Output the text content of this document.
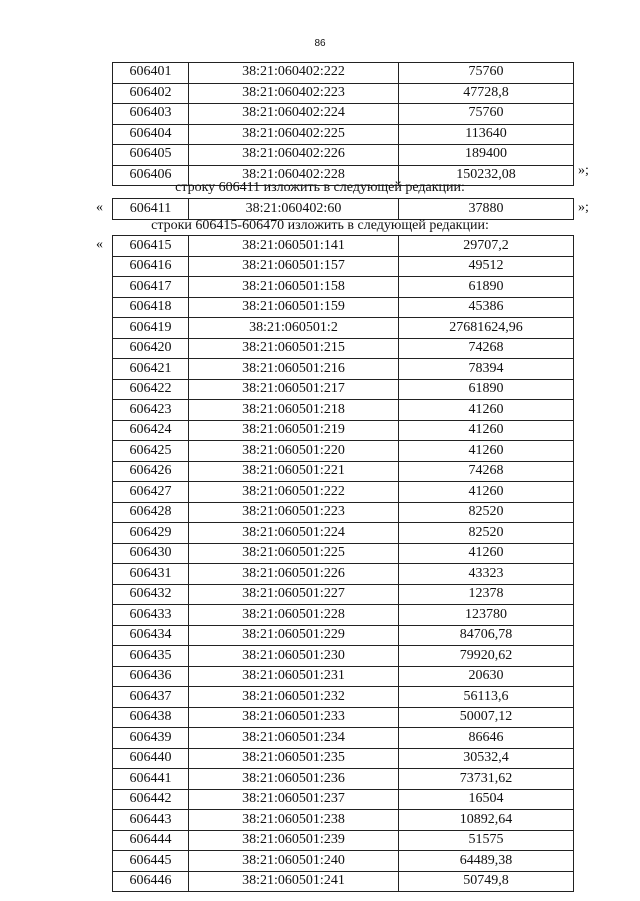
86
606401	38:21:060402:222	75760
606402	38:21:060402:223	47728,8
606403	38:21:060402:224	75760
606404	38:21:060402:225	113640
606405	38:21:060402:226	189400
606406	38:21:060402:228	150232,08	»;
строку 606411 изложить в следующей редакции:
« 606411	38:21:060402:60	37880	»;
строки 606415-606470 изложить в следующей редакции:
« 606415	38:21:060501:141	29707,2
606416	38:21:060501:157	49512
606417	38:21:060501:158	61890
606418	38:21:060501:159	45386
606419	38:21:060501:2	27681624,96
606420	38:21:060501:215	74268
606421	38:21:060501:216	78394
606422	38:21:060501:217	61890
606423	38:21:060501:218	41260
606424	38:21:060501:219	41260
606425	38:21:060501:220	41260
606426	38:21:060501:221	74268
606427	38:21:060501:222	41260
606428	38:21:060501:223	82520
606429	38:21:060501:224	82520
606430	38:21:060501:225	41260
606431	38:21:060501:226	43323
606432	38:21:060501:227	12378
606433	38:21:060501:228	123780
606434	38:21:060501:229	84706,78
606435	38:21:060501:230	79920,62
606436	38:21:060501:231	20630
606437	38:21:060501:232	56113,6
606438	38:21:060501:233	50007,12
606439	38:21:060501:234	86646
606440	38:21:060501:235	30532,4
606441	38:21:060501:236	73731,62
606442	38:21:060501:237	16504
606443	38:21:060501:238	10892,64
606444	38:21:060501:239	51575
606445	38:21:060501:240	64489,38
606446	38:21:060501:241	50749,8
